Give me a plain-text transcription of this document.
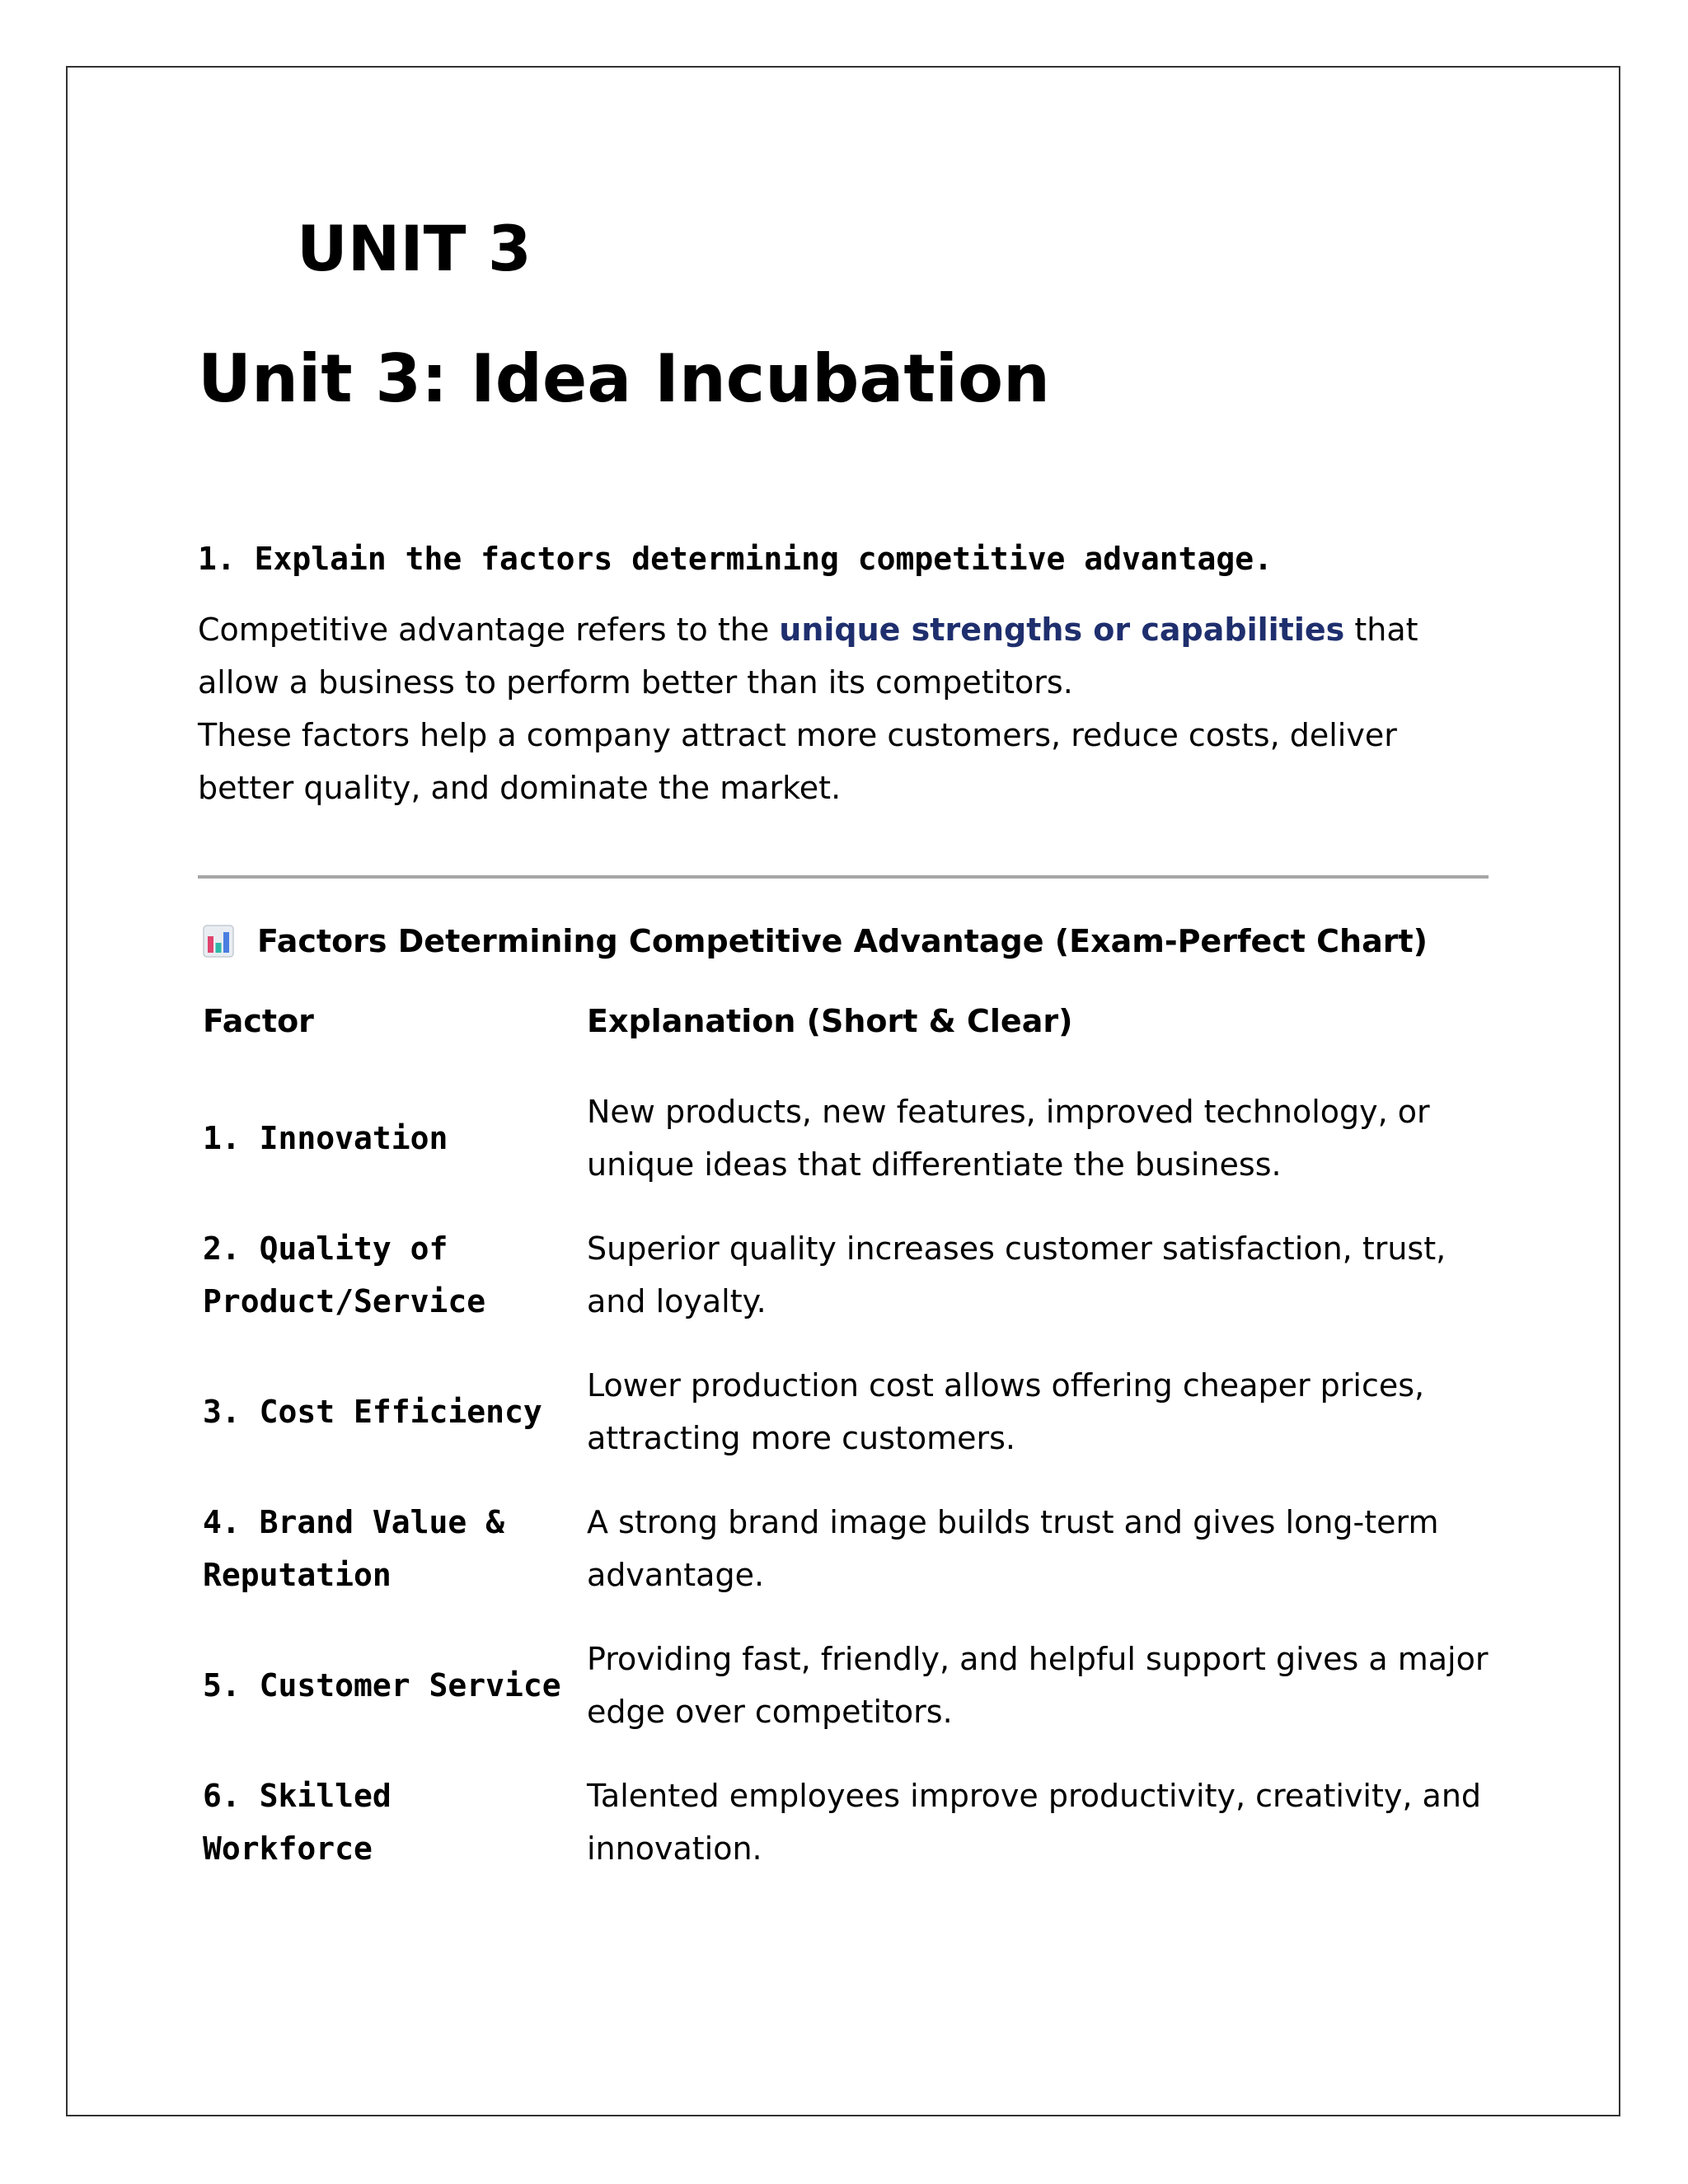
UNIT 3
Unit 3: Idea Incubation
1. Explain the factors determining competitive advantage.

Competitive advantage refers to the unique strengths or capabilities that allow a business to perform better than its competitors.

These factors help a company attract more customers, reduce costs, deliver better quality, and dominate the market.

Factors Determining Competitive Advantage (Exam-Perfect Chart)
Factor	Explanation (Short & Clear)
1. Innovation	New products, new features, improved technology, or unique ideas that differentiate the business.
2. Quality of Product/Service	Superior quality increases customer satisfaction, trust, and loyalty.
3. Cost Efficiency	Lower production cost allows offering cheaper prices, attracting more customers.
4. Brand Value & Reputation	A strong brand image builds trust and gives long-term advantage.
5. Customer Service	Providing fast, friendly, and helpful support gives a major edge over competitors.
6. Skilled Workforce	Talented employees improve productivity, creativity, and innovation.
